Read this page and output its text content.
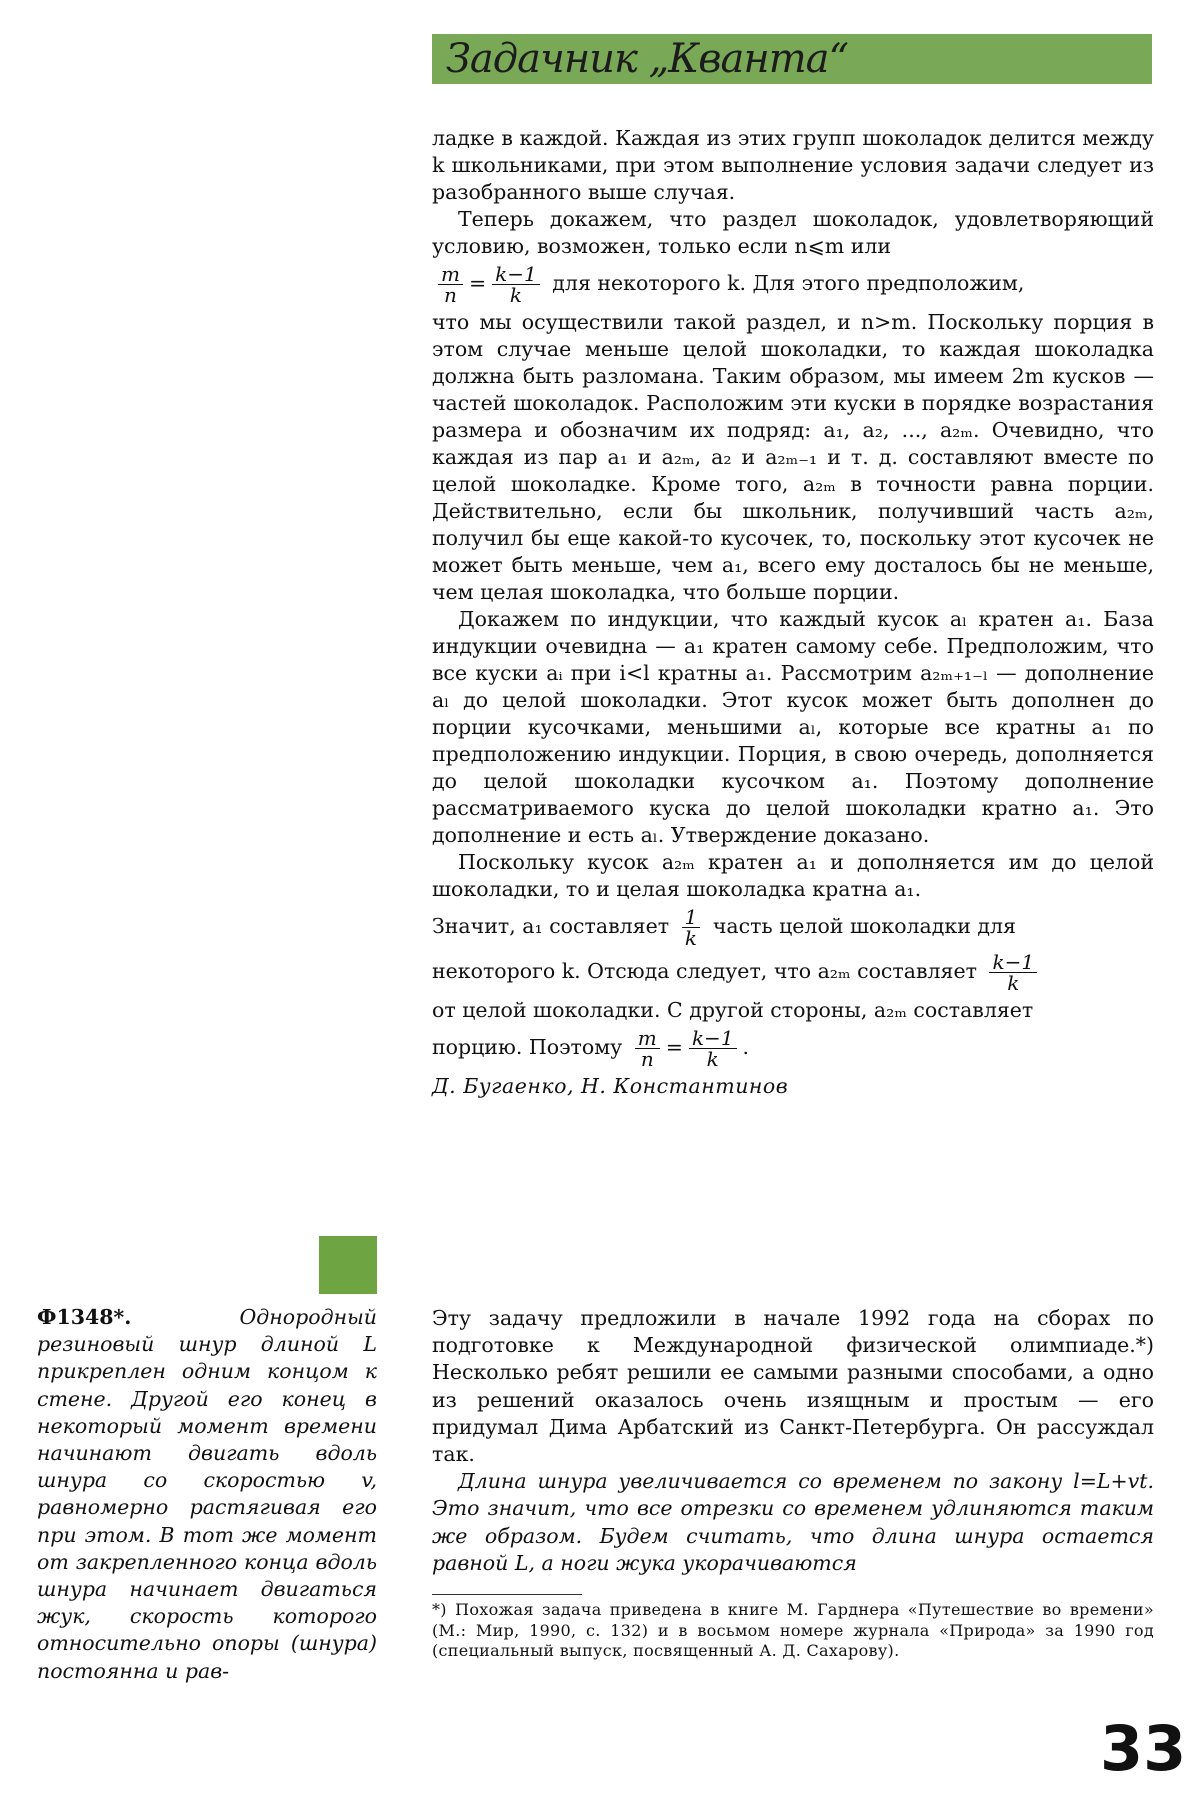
Задачник „Кванта“

ладке в каждой. Каждая из этих групп шоколадок делится между k школьниками, при этом выполнение условия задачи следует из разобранного выше случая.

Теперь докажем, что раздел шоколадок, удовлетворяющий условию, возможен, только если n⩽m или

$\frac{m}{n} = \frac{k-1}{k}$ для некоторого k. Для этого предположим,

что мы осуществили такой раздел, и n>m. Поскольку порция в этом случае меньше целой шоколадки, то каждая шоколадка должна быть разломана. Таким образом, мы имеем 2m кусков — частей шоколадок. Расположим эти куски в порядке возрастания размера и обозначим их подряд: a₁, a₂, ..., a₂ₘ. Очевидно, что каждая из пар a₁ и a₂ₘ, a₂ и a₂ₘ₋₁ и т. д. составляют вместе по целой шоколадке. Кроме того, a₂ₘ в точности равна порции. Действительно, если бы школьник, получивший часть a₂ₘ, получил бы еще какой-то кусочек, то, поскольку этот кусочек не может быть меньше, чем a₁, всего ему досталось бы не меньше, чем целая шоколадка, что больше порции.

Докажем по индукции, что каждый кусок aₗ кратен a₁. База индукции очевидна — a₁ кратен самому себе. Предположим, что все куски aᵢ при i<l кратны a₁. Рассмотрим a₂ₘ₊₁₋ₗ — дополнение aₗ до целой шоколадки. Этот кусок может быть дополнен до порции кусочками, меньшими aₗ, которые все кратны a₁ по предположению индукции. Порция, в свою очередь, дополняется до целой шоколадки кусочком a₁. Поэтому дополнение рассматриваемого куска до целой шоколадки кратно a₁. Это дополнение и есть aₗ. Утверждение доказано.

Поскольку кусок a₂ₘ кратен a₁ и дополняется им до целой шоколадки, то и целая шоколадка кратна a₁.

Значит, a₁ составляет $\frac{1}{k}$ часть целой шоколадки для

некоторого k. Отсюда следует, что a₂ₘ составляет $\frac{k-1}{k}$

от целой шоколадки. С другой стороны, a₂ₘ составляет

порцию. Поэтому $\frac{m}{n} = \frac{k-1}{k}$ .

Д. Бугаенко, Н. Константинов

Ф1348*.	Однородный резиновый шнур длиной L прикреплен одним концом к стене. Другой его конец в некоторый момент времени начинают двигать вдоль шнура со скоростью v, равномерно растягивая его при этом. В тот же момент от закрепленного конца вдоль шнура начинает двигаться жук, скорость которого относительно опоры (шнура) постоянна и рав-

Эту задачу предложили в начале 1992 года на сборах по подготовке к Международной физической олимпиаде.*) Несколько ребят решили ее самыми разными способами, а одно из решений оказалось очень изящным и простым — его придумал Дима Арбатский из Санкт-Петербурга. Он рассуждал так.

Длина шнура увеличивается со временем по закону l=L+vt. Это значит, что все отрезки со временем удлиняются таким же образом. Будем считать, что длина шнура остается равной L, а ноги жука укорачиваются

*) Похожая задача приведена в книге М. Гарднера «Путешествие во времени» (М.: Мир, 1990, с. 132) и в восьмом номере журнала «Природа» за 1990 год (специальный выпуск, посвященный А. Д. Сахарову).
33
